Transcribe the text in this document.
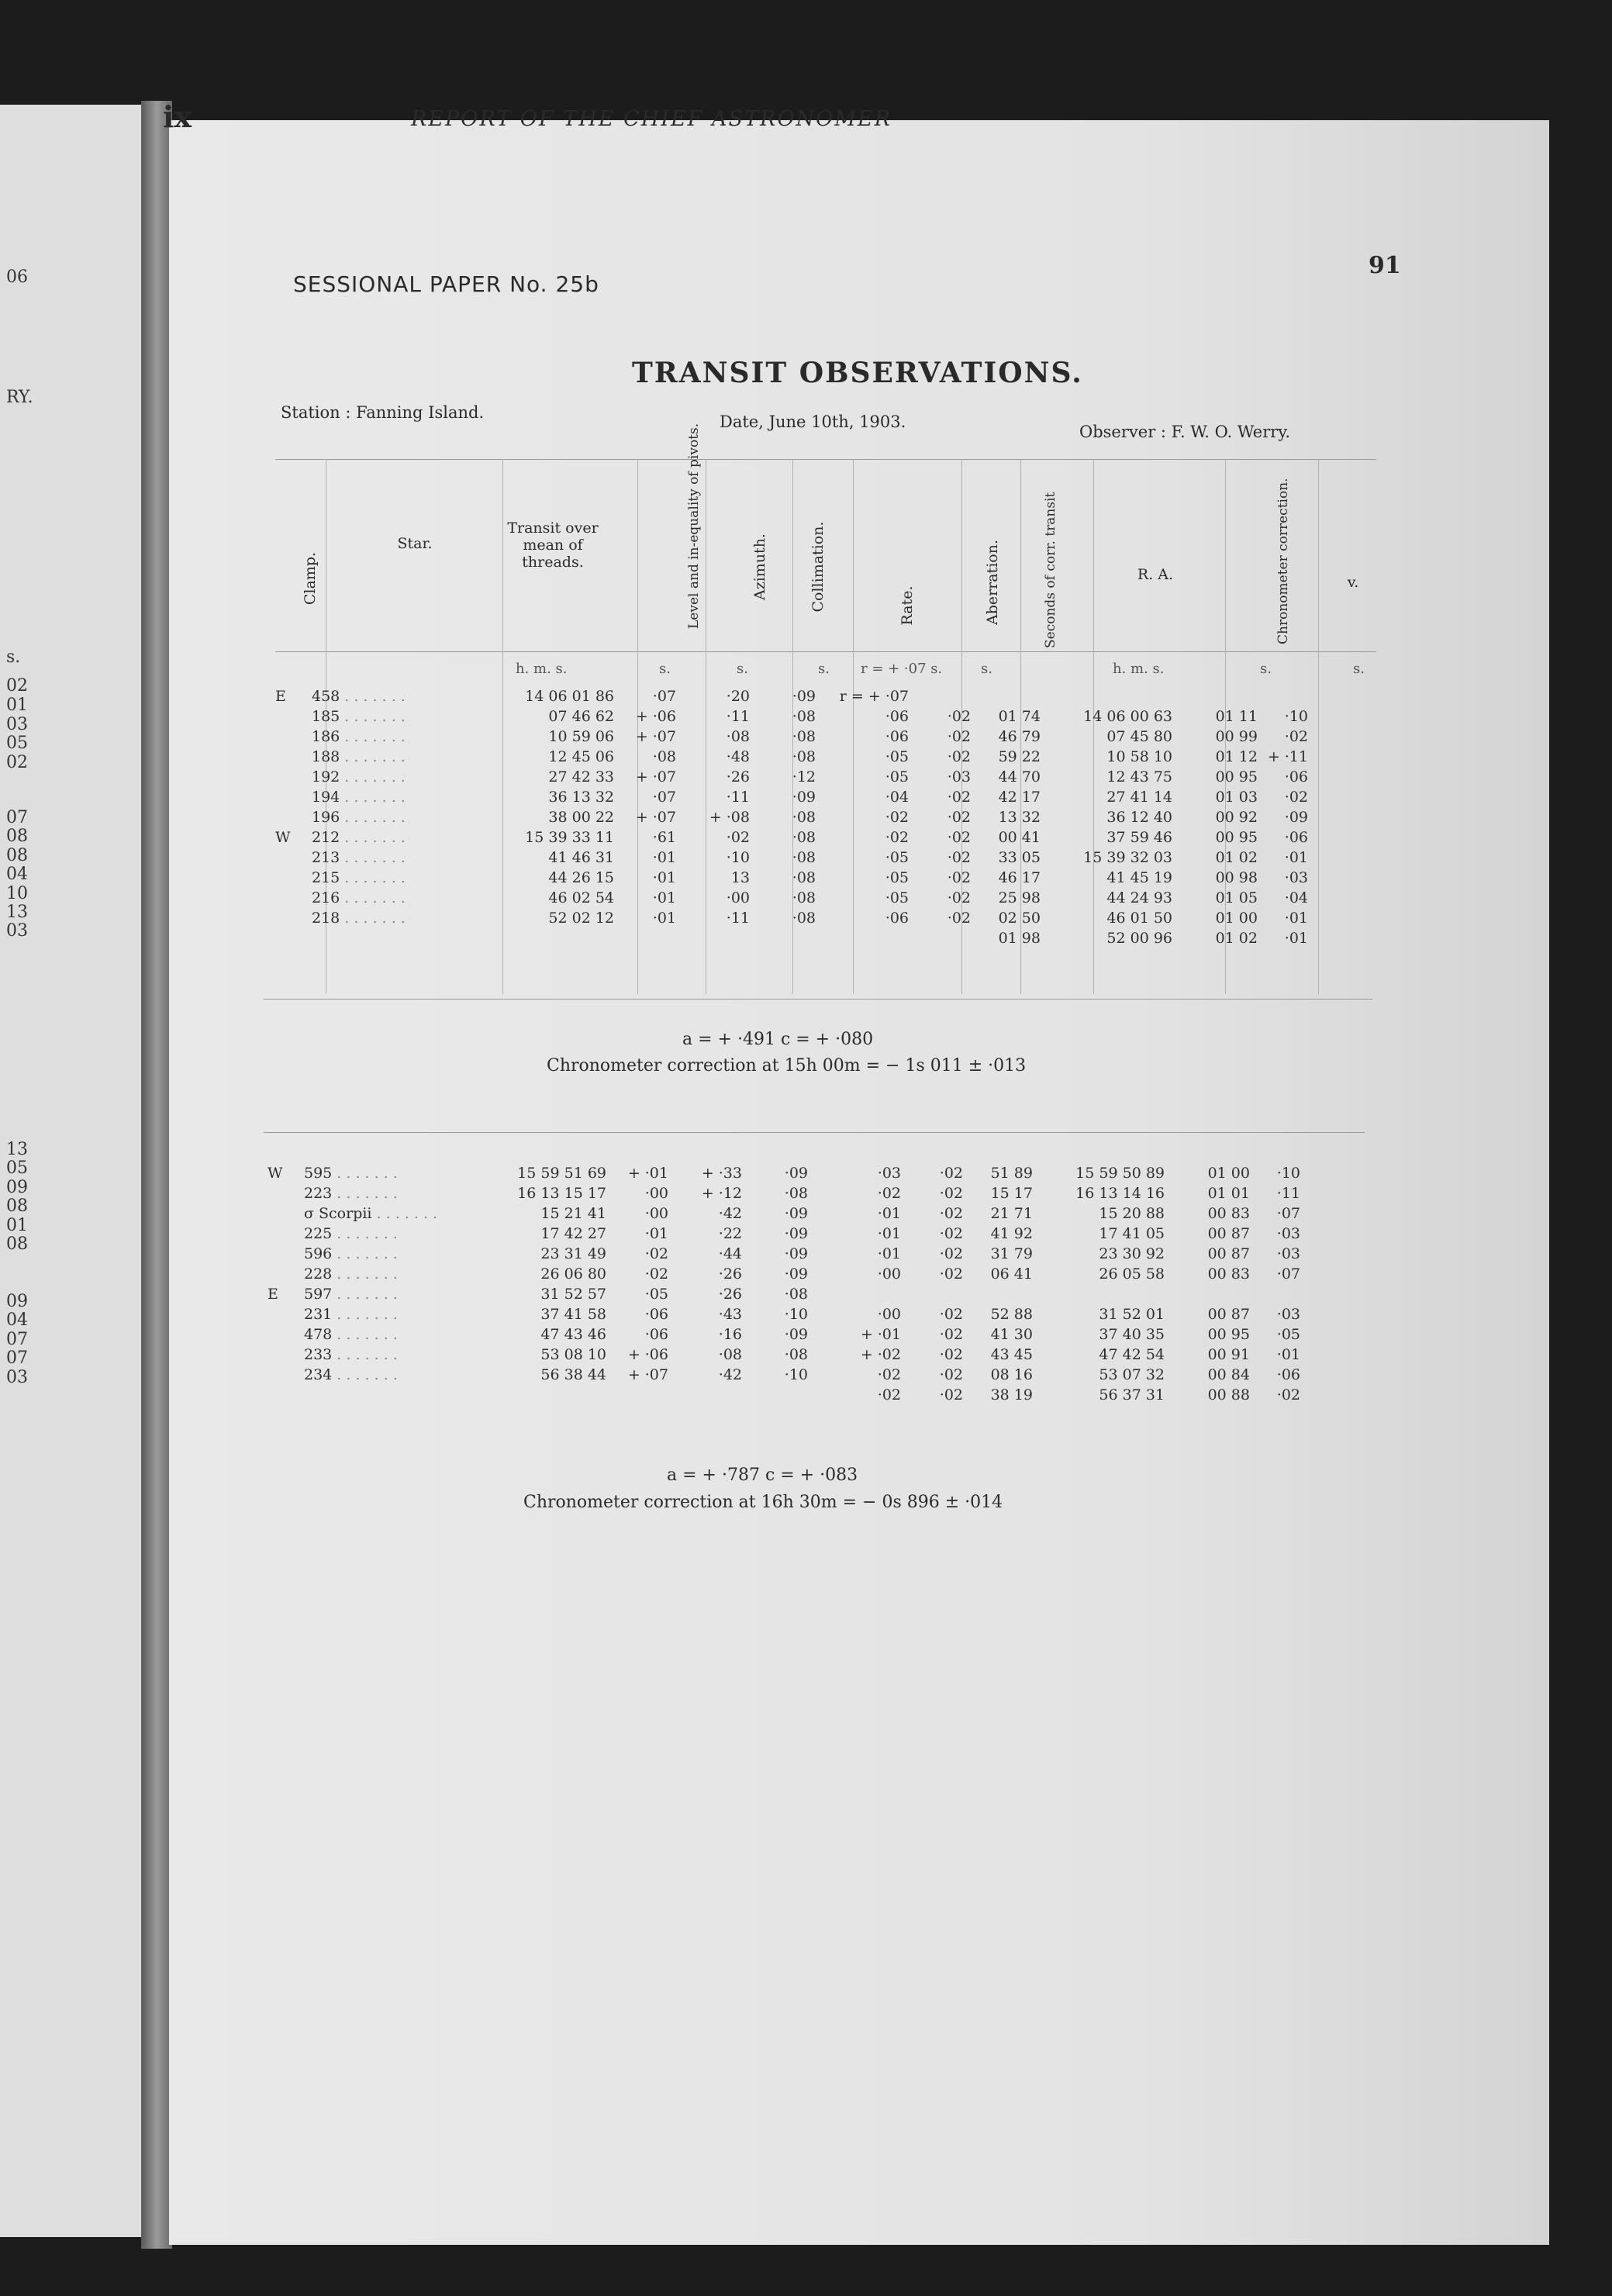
06
RY.
s.
02
01
03
05
02
07
08
08
04
10
13
03
13
05
09
08
01
08
09
04
07
07
03
ix	REPORT OF THE CHIEF ASTRONOMER
91
SESSIONAL PAPER No. 25b
TRANSIT OBSERVATIONS.
Station : Fanning Island.	Date, June 10th, 1903.
Observer : F. W. O. Werry.
Clamp.
Star.
Transit over mean of threads.	Level and in-equality of pivots.	Azimuth.	Collimation.	Rate.	Aberration.	Seconds of corr. transit	R. A.	Chronometer correction.	v.
h. m. s.	s.	s.	s. r = + ·07 s.	s.	h. m. s.	s.	s.
E	458 . . . . . . .	14 06 01 86	·07	·20	·09	r = + ·07					
	185 . . . . . . .	07 46 62	+ ·06	·11	·08	·06	·02	01 74	14 06 00 63	01 11	·10
	186 . . . . . . .	10 59 06	+ ·07	·08	·08	·06	·02	46 79	07 45 80	00 99	·02
	188 . . . . . . .	12 45 06	·08	·48	·08	·05	·02	59 22	10 58 10	01 12	+ ·11
	192 . . . . . . .	27 42 33	+ ·07	·26	·12	·05	·03	44 70	12 43 75	00 95	·06
	194 . . . . . . .	36 13 32	·07	·11	·09	·04	·02	42 17	27 41 14	01 03	·02
	196 . . . . . . .	38 00 22	+ ·07	+ ·08	·08	·02	·02	13 32	36 12 40	00 92	·09
W	212 . . . . . . .	15 39 33 11	·61	·02	·08	·02	·02	00 41	37 59 46	00 95	·06
	213 . . . . . . .	41 46 31	·01	·10	·08	·05	·02	33 05	15 39 32 03	01 02	·01
	215 . . . . . . .	44 26 15	·01	13	·08	·05	·02	46 17	41 45 19	00 98	·03
	216 . . . . . . .	46 02 54	·01	·00	·08	·05	·02	25 98	44 24 93	01 05	·04
	218 . . . . . . .	52 02 12	·01	·11	·08	·06	·02	02 50	46 01 50	01 00	·01
								01 98	52 00 96	01 02	·01
a = + ·491 c = + ·080
Chronometer correction at 15h 00m = − 1s 011 ± ·013
W	595 . . . . . . .	15 59 51 69	+ ·01	+ ·33	·09	·03	·02	51 89	15 59 50 89	01 00	·10
	223 . . . . . . .	16 13 15 17	·00	+ ·12	·08	·02	·02	15 17	16 13 14 16	01 01	·11
	σ Scorpii . . . . . . .	15 21 41	·00	·42	·09	·01	·02	21 71	15 20 88	00 83	·07
	225 . . . . . . .	17 42 27	·01	·22	·09	·01	·02	41 92	17 41 05	00 87	·03
	596 . . . . . . .	23 31 49	·02	·44	·09	·01	·02	31 79	23 30 92	00 87	·03
	228 . . . . . . .	26 06 80	·02	·26	·09	·00	·02	06 41	26 05 58	00 83	·07
E	597 . . . . . . .	31 52 57	·05	·26	·08						
	231 . . . . . . .	37 41 58	·06	·43	·10	·00	·02	52 88	31 52 01	00 87	·03
	478 . . . . . . .	47 43 46	·06	·16	·09	+ ·01	·02	41 30	37 40 35	00 95	·05
	233 . . . . . . .	53 08 10	+ ·06	·08	·08	+ ·02	·02	43 45	47 42 54	00 91	·01
	234 . . . . . . .	56 38 44	+ ·07	·42	·10	·02	·02	08 16	53 07 32	00 84	·06
						·02	·02	38 19	56 37 31	00 88	·02
a = + ·787 c = + ·083
Chronometer correction at 16h 30m = − 0s 896 ± ·014
